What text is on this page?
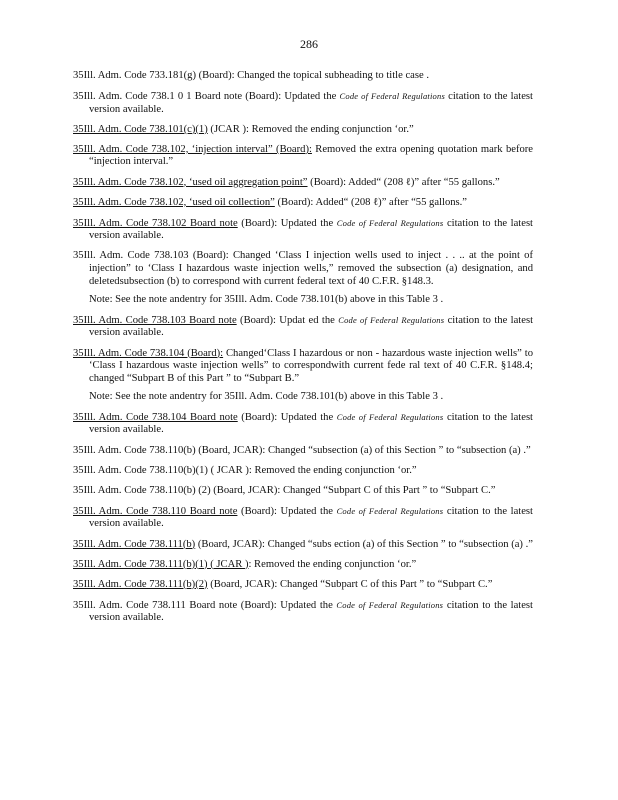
286
35Ill. Adm. Code 733.181(g) (Board): Changed the topical subheading to title case .
35Ill. Adm. Code 738.1 0 1 Board note (Board): Updated the Code of Federal Regulations citation to the latest version available.
35Ill. Adm. Code 738.101(c)(1) (JCAR ): Removed the ending conjunction ‘or.”
35Ill. Adm. Code 738.102, ‘injection interval” (Board): Removed the extra opening quotation mark before “injection interval.”
35Ill. Adm. Code 738.102, ‘used oil aggregation point” (Board): Added“ (208 ℓ)” after “55 gallons.”
35Ill. Adm. Code 738.102, ‘used oil collection” (Board): Added“ (208 ℓ)” after “55 gallons.”
35Ill. Adm. Code 738.102 Board note (Board): Updated the Code of Federal Regulations citation to the latest version available.
35Ill. Adm. Code 738.103 (Board): Changed ‘Class I injection wells used to inject . . .. at the point of injection” to ‘Class I hazardous waste injection wells,” removed the subsection (a) designation, and deletedsubsection (b) to correspond with current federal text of 40 C.F.R. §148.3.
Note: See the note andentry for 35Ill. Adm. Code 738.101(b) above in this Table 3 .
35Ill. Adm. Code 738.103 Board note (Board): Updat ed the Code of Federal Regulations citation to the latest version available.
35Ill. Adm. Code 738.104 (Board): Changed‘Class I hazardous or non - hazardous waste injection wells” to ‘Class I hazardous waste injection wells” to correspondwith current fede ral text of 40 C.F.R. §148.4; changed “Subpart B of this Part ” to “Subpart B.”
Note: See the note andentry for 35Ill. Adm. Code 738.101(b) above in this Table 3 .
35Ill. Adm. Code 738.104 Board note (Board): Updated the Code of Federal Regulations citation to the latest version available.
35Ill. Adm. Code 738.110(b) (Board, JCAR): Changed “subsection (a) of this Section ” to “subsection (a) .”
35Ill. Adm. Code 738.110(b)(1) ( JCAR ): Removed the ending conjunction ‘or.”
35Ill. Adm. Code 738.110(b) (2) (Board, JCAR): Changed “Subpart C of this Part ” to “Subpart C.”
35Ill. Adm. Code 738.110 Board note (Board): Updated the Code of Federal Regulations citation to the latest version available.
35Ill. Adm. Code 738.111(b) (Board, JCAR): Changed “subs ection (a) of this Section ” to “subsection (a) .”
35Ill. Adm. Code 738.111(b)(1) ( JCAR ): Removed the ending conjunction ‘or.”
35Ill. Adm. Code 738.111(b)(2) (Board, JCAR): Changed “Subpart C of this Part ” to “Subpart C.”
35Ill. Adm. Code 738.111 Board note (Board): Updated the Code of Federal Regulations citation to the latest version available.
